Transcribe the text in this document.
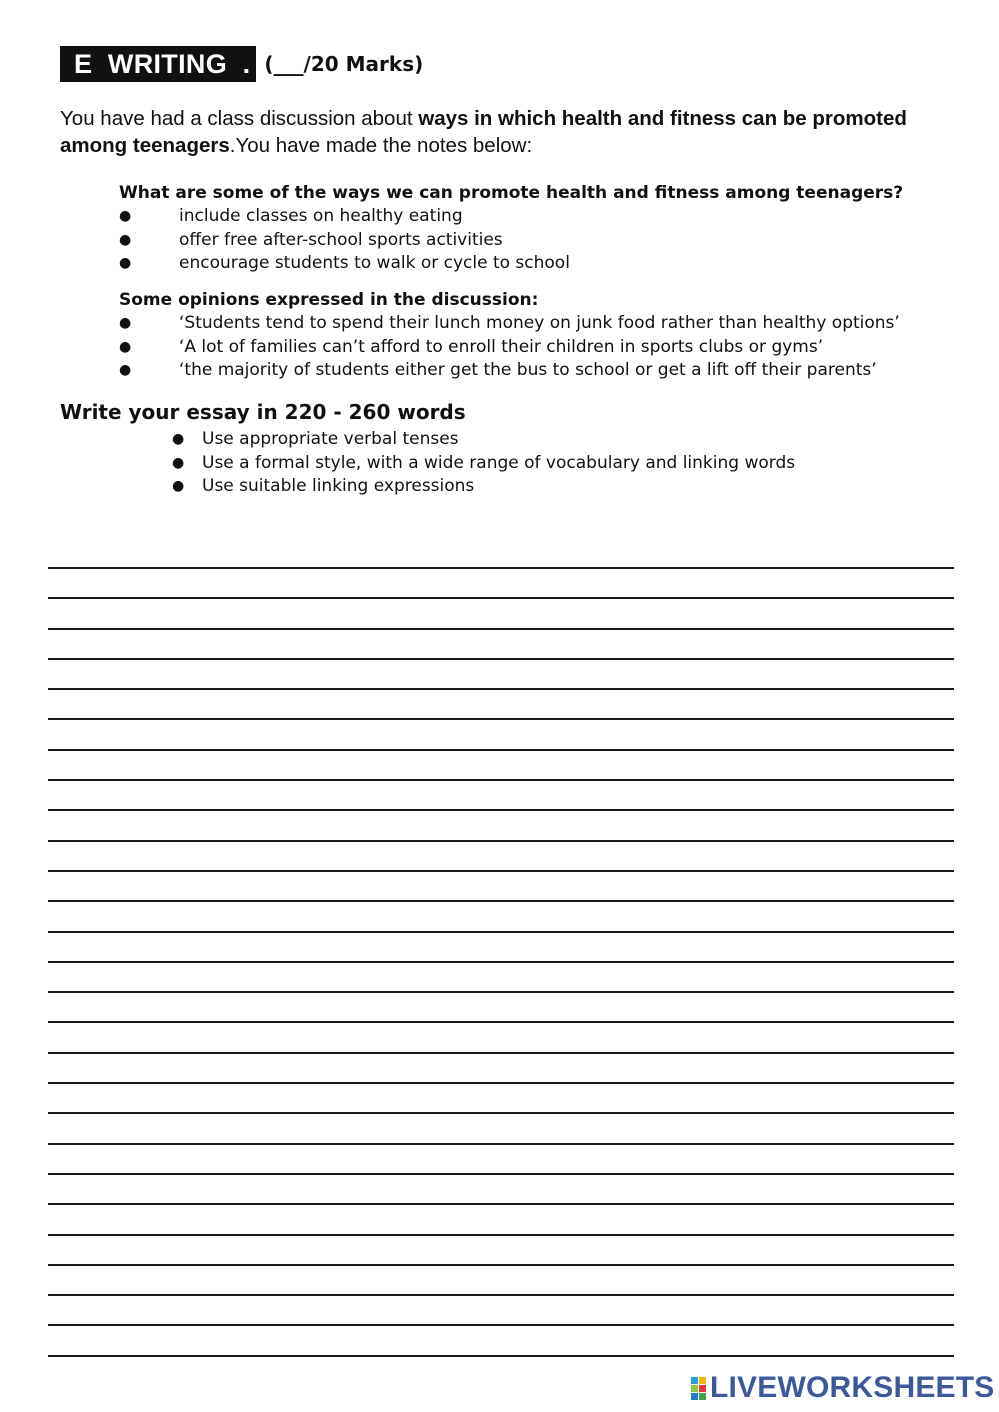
E  WRITING  . (___/20 Marks)
You have had a class discussion about ways in which health and fitness can be promoted among teenagers.You have made the notes below:
What are some of the ways we can promote health and fitness among teenagers?
●	include classes on healthy eating
●	offer free after-school sports activities
●	encourage students to walk or cycle to school
Some opinions expressed in the discussion:
●	‘Students tend to spend their lunch money on junk food rather than healthy options’
●	‘A lot of families can’t afford to enroll their children in sports clubs or gyms’
●	‘the majority of students either get the bus to school or get a lift off their parents’
Write your essay in 220 - 260 words
● Use appropriate verbal tenses
● Use a formal style, with a wide range of vocabulary and linking words
● Use suitable linking expressions
LIVEWORKSHEETS
